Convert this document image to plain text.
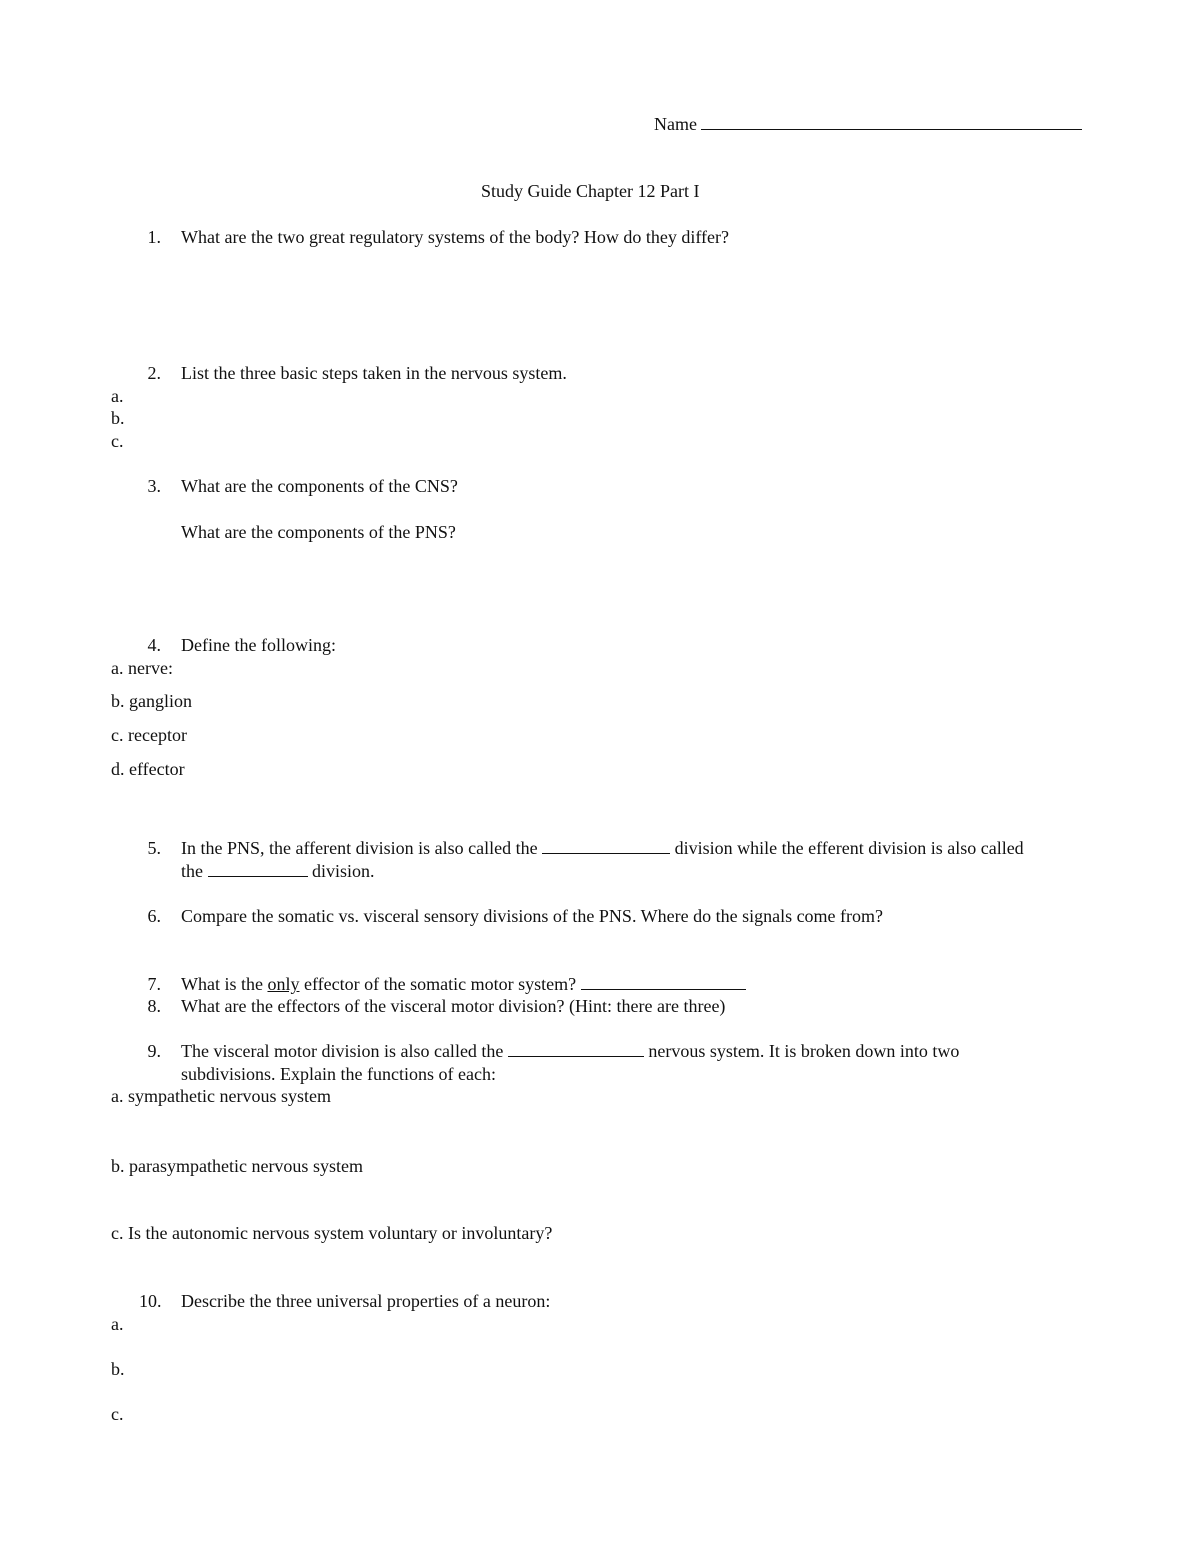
Name
Study Guide Chapter 12 Part I
1. What are the two great regulatory systems of the body? How do they differ?
2. List the three basic steps taken in the nervous system.
a.
b.
c.
3. What are the components of the CNS?
What are the components of the PNS?
4. Define the following:
a. nerve:
b. ganglion
c. receptor
d. effector
5. In the PNS, the afferent division is also called the	division while the efferent division is also called
the	division.
6. Compare the somatic vs. visceral sensory divisions of the PNS. Where do the signals come from?
7. What is the only effector of the somatic motor system?
8. What are the effectors of the visceral motor division? (Hint: there are three)
9. The visceral motor division is also called the	nervous system. It is broken down into two
subdivisions. Explain the functions of each:
a. sympathetic nervous system
b. parasympathetic nervous system
c. Is the autonomic nervous system voluntary or involuntary?
10. Describe the three universal properties of a neuron:
a.
b.
c.
